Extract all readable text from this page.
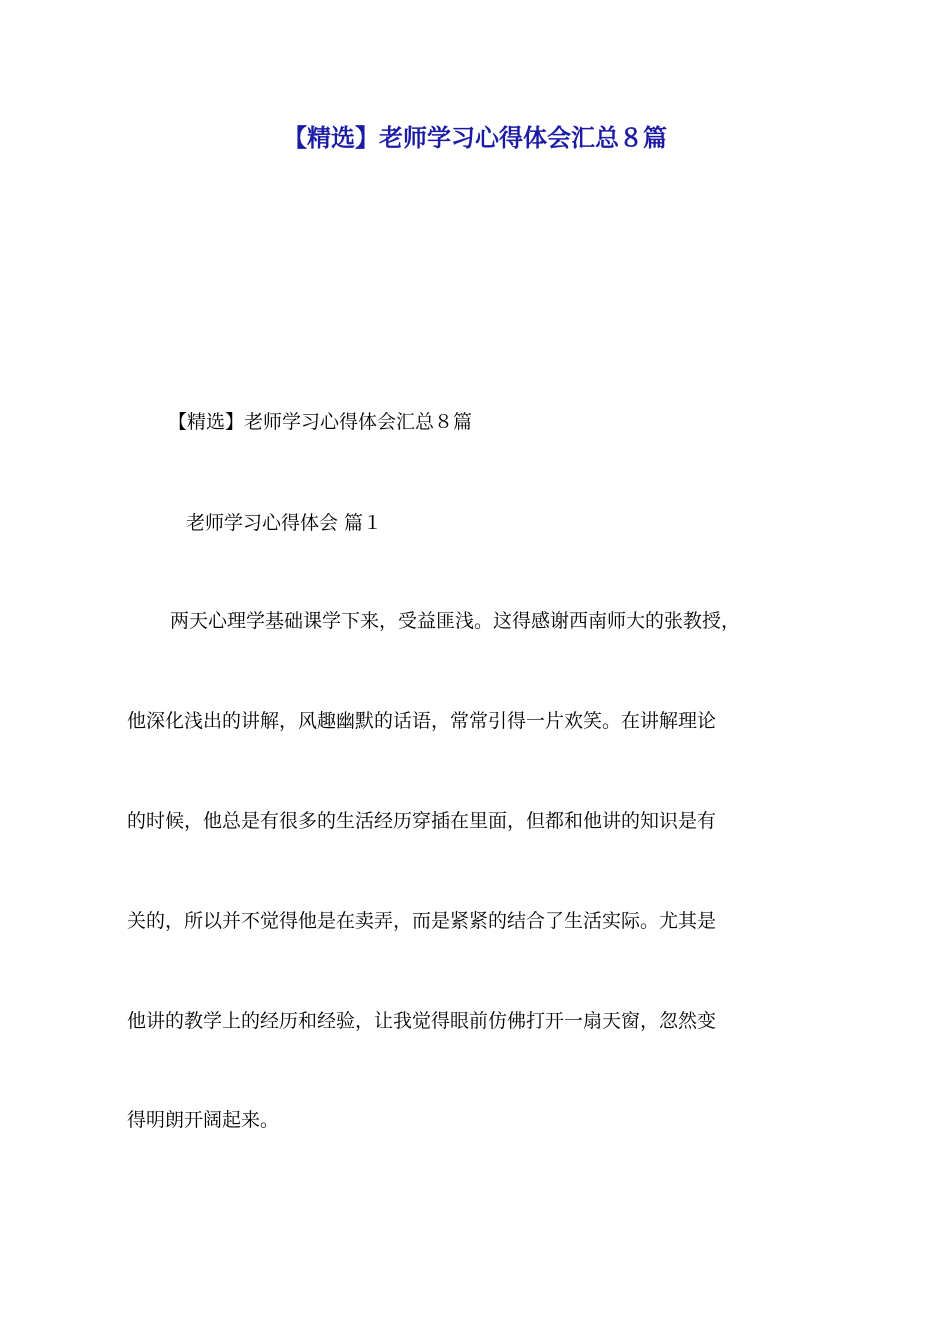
【精选】老师学习心得体会汇总８篇

【精选】老师学习心得体会汇总８篇

老师学习心得体会 篇１

两天心理学基础课学下来，受益匪浅。这得感谢西南师大的张教授，

他深化浅出的讲解，风趣幽默的话语，常常引得一片欢笑。在讲解理论

的时候，他总是有很多的生活经历穿插在里面，但都和他讲的知识是有

关的，所以并不觉得他是在卖弄，而是紧紧的结合了生活实际。尤其是

他讲的教学上的经历和经验，让我觉得眼前仿佛打开一扇天窗，忽然变

得明朗开阔起来。
